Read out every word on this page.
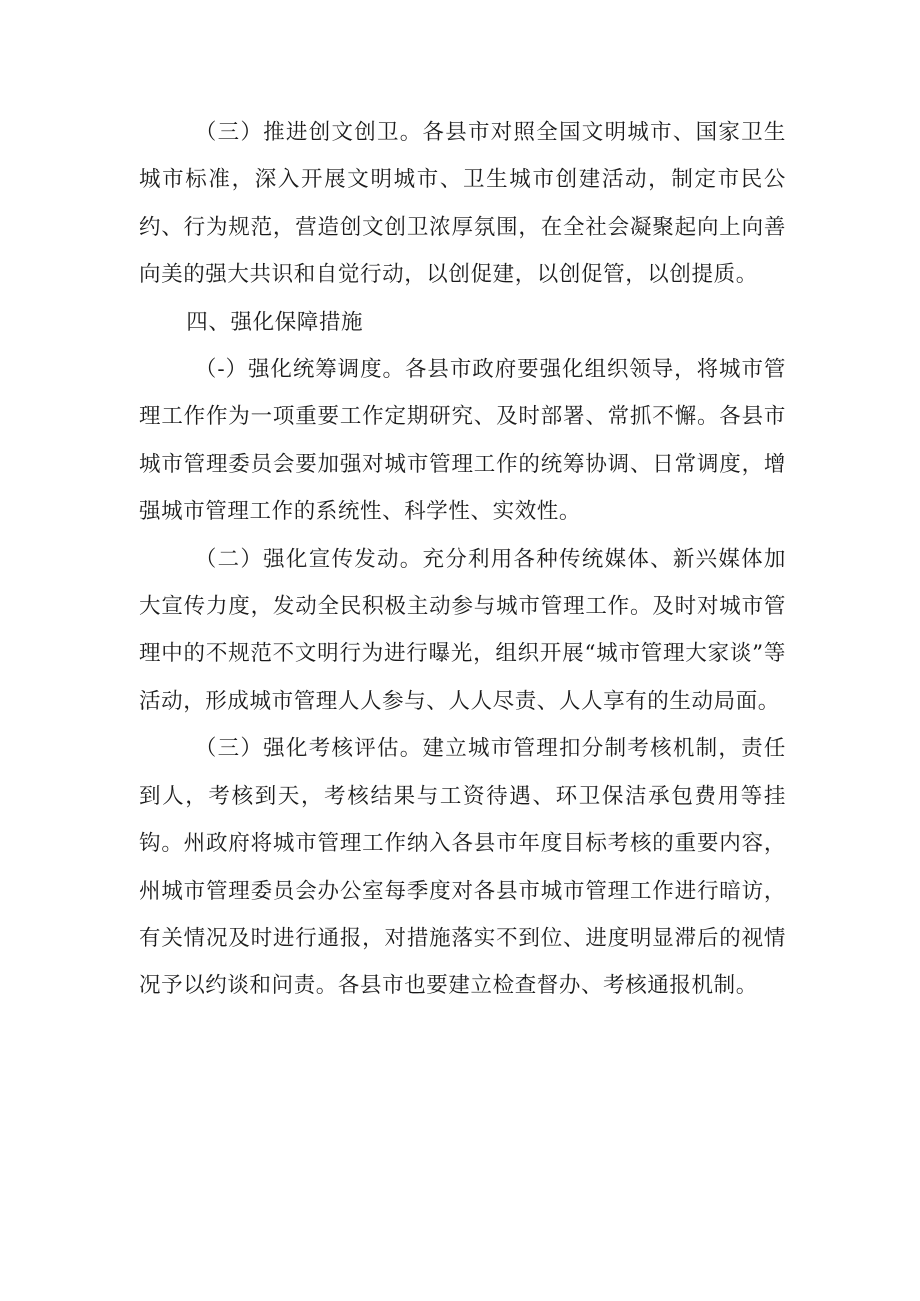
（三）推进创文创卫。各县市对照全国文明城市、国家卫生城市标准，深入开展文明城市、卫生城市创建活动，制定市民公约、行为规范，营造创文创卫浓厚氛围，在全社会凝聚起向上向善向美的强大共识和自觉行动，以创促建，以创促管，以创提质。

四、强化保障措施

（-）强化统筹调度。各县市政府要强化组织领导，将城市管理工作作为一项重要工作定期研究、及时部署、常抓不懈。各县市城市管理委员会要加强对城市管理工作的统筹协调、日常调度，增强城市管理工作的系统性、科学性、实效性。

（二）强化宣传发动。充分利用各种传统媒体、新兴媒体加大宣传力度，发动全民积极主动参与城市管理工作。及时对城市管理中的不规范不文明行为进行曝光，组织开展“城市管理大家谈”等活动，形成城市管理人人参与、人人尽责、人人享有的生动局面。

（三）强化考核评估。建立城市管理扣分制考核机制，责任到人，考核到天，考核结果与工资待遇、环卫保洁承包费用等挂钩。州政府将城市管理工作纳入各县市年度目标考核的重要内容，州城市管理委员会办公室每季度对各县市城市管理工作进行暗访，有关情况及时进行通报，对措施落实不到位、进度明显滞后的视情况予以约谈和问责。各县市也要建立检查督办、考核通报机制。
